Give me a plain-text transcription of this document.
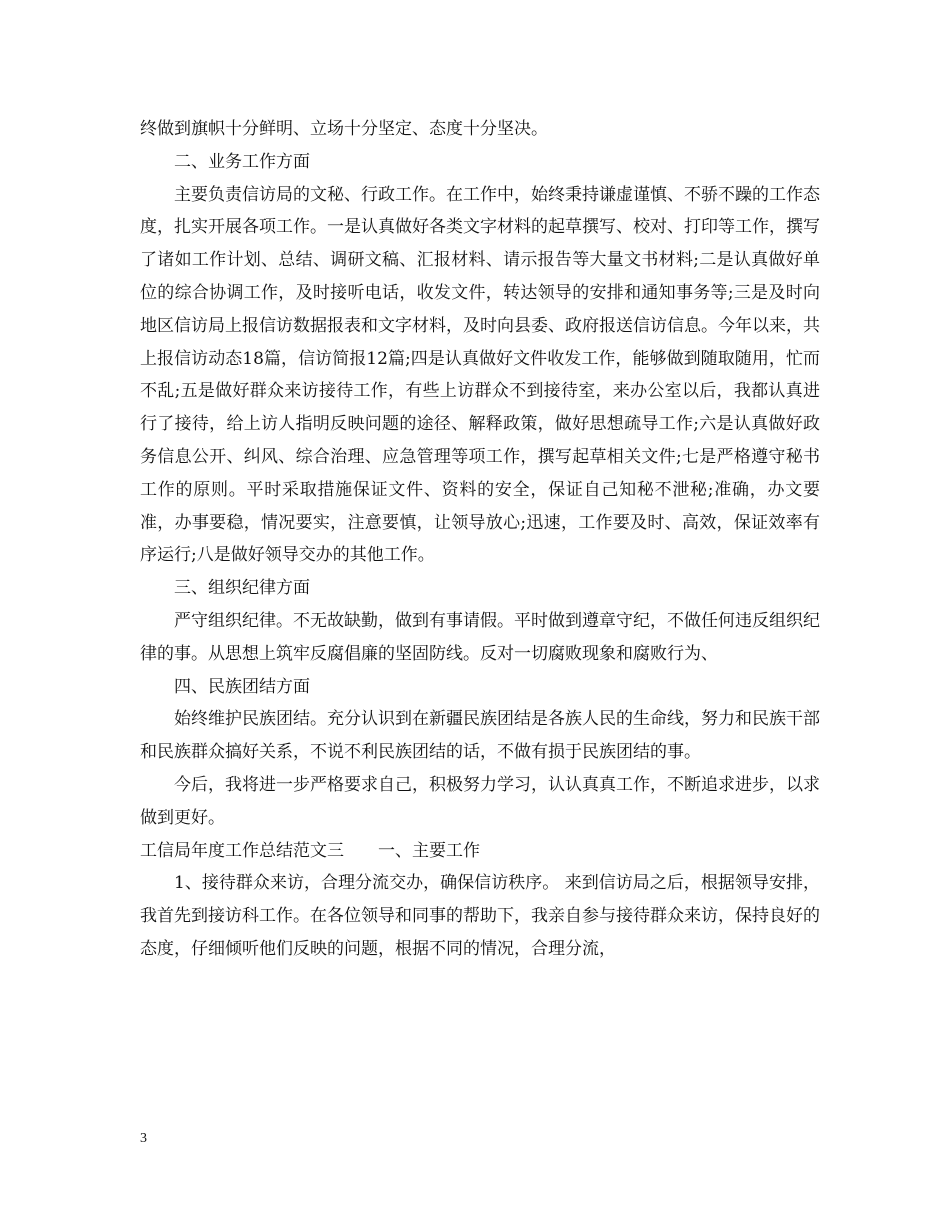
终做到旗帜十分鲜明、立场十分坚定、态度十分坚决。

二、业务工作方面

主要负责信访局的文秘、行政工作。在工作中，始终秉持谦虚谨慎、不骄不躁的工作态度，扎实开展各项工作。一是认真做好各类文字材料的起草撰写、校对、打印等工作，撰写了诸如工作计划、总结、调研文稿、汇报材料、请示报告等大量文书材料;二是认真做好单位的综合协调工作，及时接听电话，收发文件，转达领导的安排和通知事务等;三是及时向地区信访局上报信访数据报表和文字材料，及时向县委、政府报送信访信息。今年以来，共上报信访动态18篇，信访简报12篇;四是认真做好文件收发工作，能够做到随取随用，忙而不乱;五是做好群众来访接待工作，有些上访群众不到接待室，来办公室以后，我都认真进行了接待，给上访人指明反映问题的途径、解释政策，做好思想疏导工作;六是认真做好政务信息公开、纠风、综合治理、应急管理等项工作，撰写起草相关文件;七是严格遵守秘书工作的原则。平时采取措施保证文件、资料的安全，保证自己知秘不泄秘;准确，办文要准，办事要稳，情况要实，注意要慎，让领导放心;迅速，工作要及时、高效，保证效率有序运行;八是做好领导交办的其他工作。

三、组织纪律方面

严守组织纪律。不无故缺勤，做到有事请假。平时做到遵章守纪，不做任何违反组织纪律的事。从思想上筑牢反腐倡廉的坚固防线。反对一切腐败现象和腐败行为、

四、民族团结方面

始终维护民族团结。充分认识到在新疆民族团结是各族人民的生命线，努力和民族干部和民族群众搞好关系，不说不利民族团结的话，不做有损于民族团结的事。

今后，我将进一步严格要求自己，积极努力学习，认认真真工作，不断追求进步，以求做到更好。

工信局年度工作总结范文三　　一、主要工作

1、接待群众来访，合理分流交办，确保信访秩序。 来到信访局之后，根据领导安排，我首先到接访科工作。在各位领导和同事的帮助下，我亲自参与接待群众来访，保持良好的态度，仔细倾听他们反映的问题，根据不同的情况，合理分流，

3
